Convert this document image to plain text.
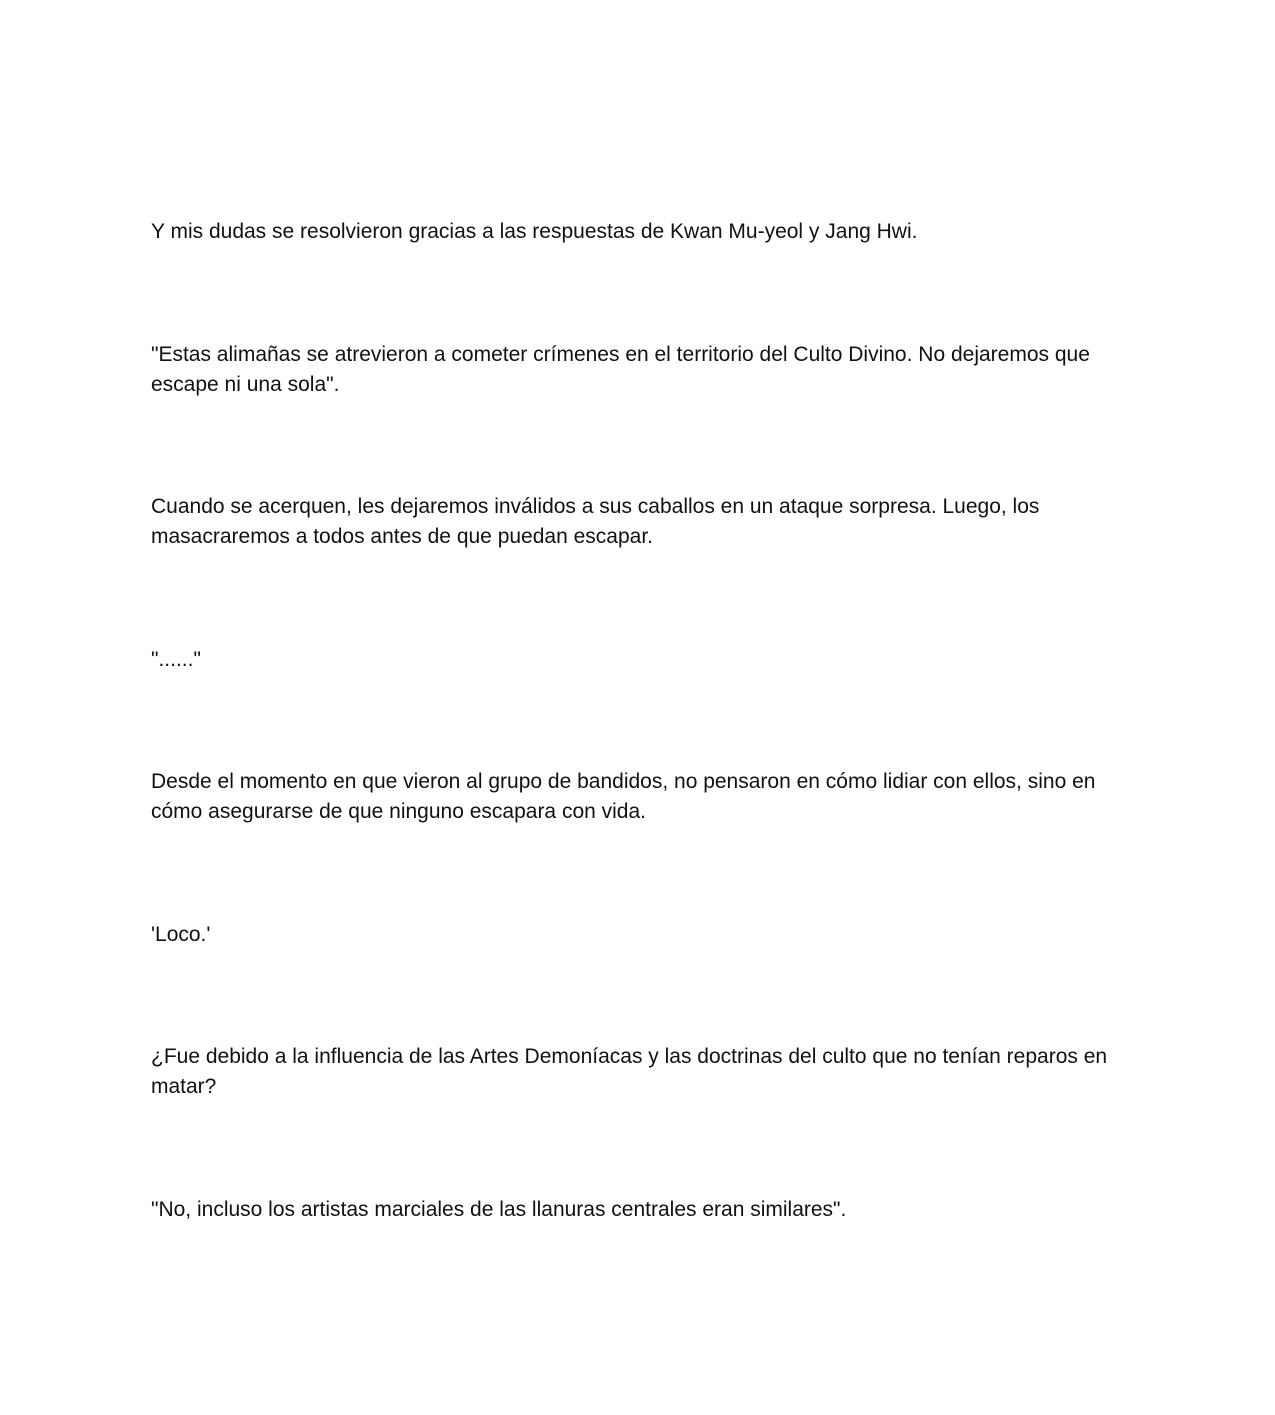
Y mis dudas se resolvieron gracias a las respuestas de Kwan Mu-yeol y Jang Hwi.

"Estas alimañas se atrevieron a cometer crímenes en el territorio del Culto Divino. No dejaremos que escape ni una sola".

Cuando se acerquen, les dejaremos inválidos a sus caballos en un ataque sorpresa. Luego, los masacraremos a todos antes de que puedan escapar.

"......"

Desde el momento en que vieron al grupo de bandidos, no pensaron en cómo lidiar con ellos, sino en cómo asegurarse de que ninguno escapara con vida.

'Loco.'

¿Fue debido a la influencia de las Artes Demoníacas y las doctrinas del culto que no tenían reparos en matar?

"No, incluso los artistas marciales de las llanuras centrales eran similares".
